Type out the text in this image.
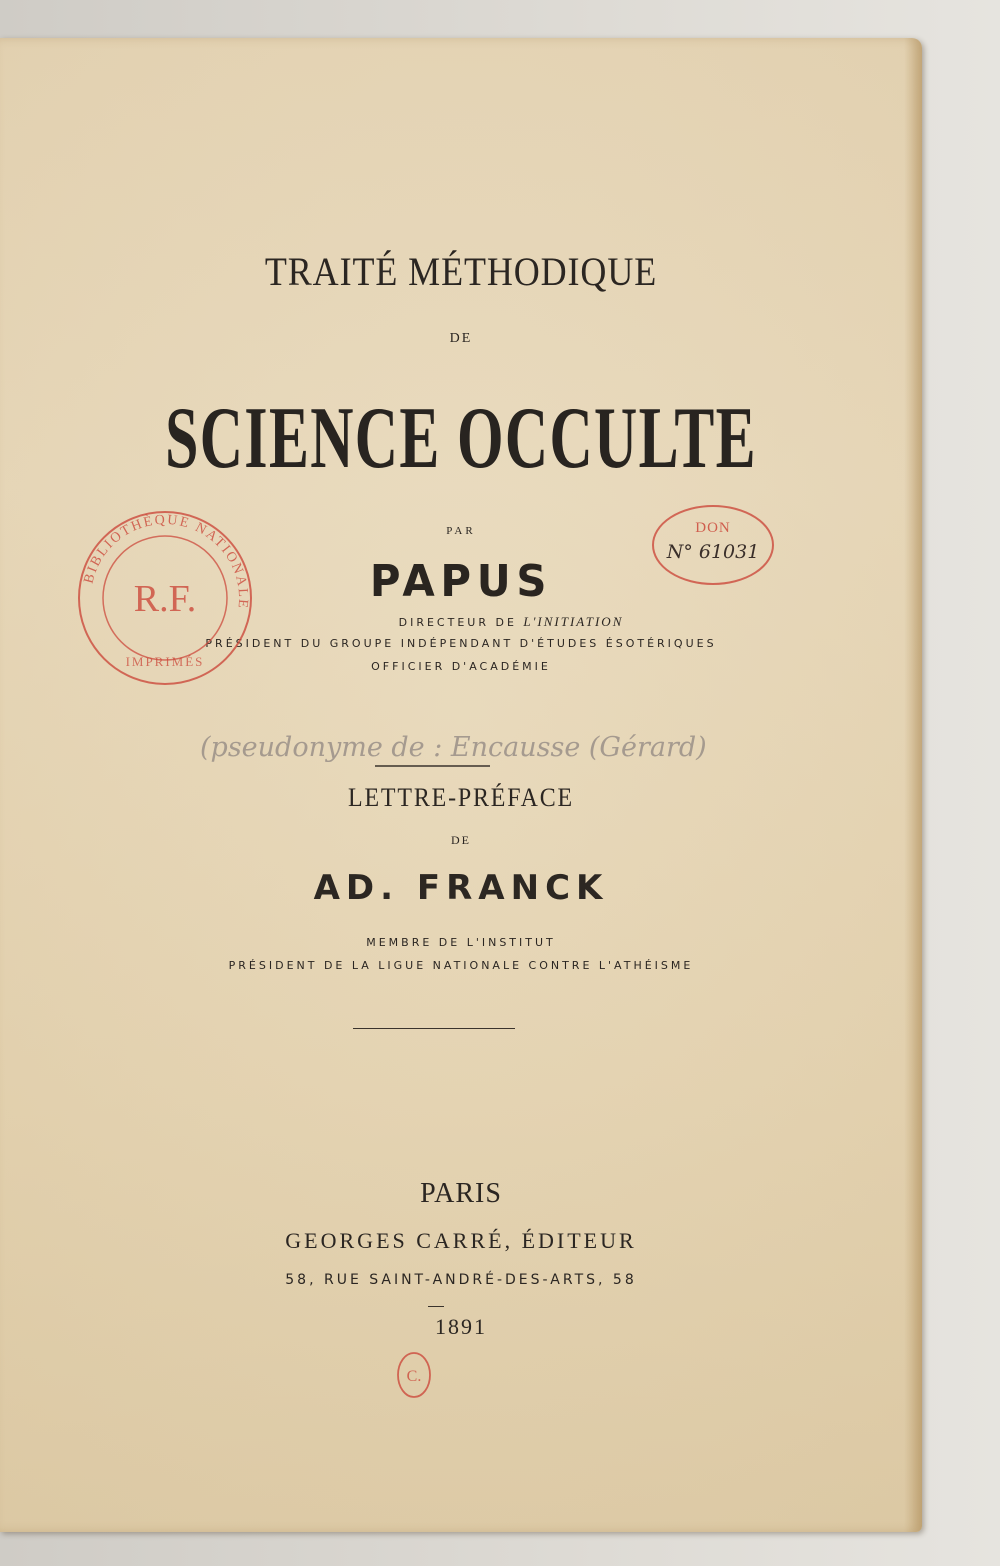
TRAITÉ MÉTHODIQUE

DE

SCIENCE OCCULTE

PAR

PAPUS

DIRECTEUR DE L'INITIATION

PRÉSIDENT DU GROUPE INDÉPENDANT D'ÉTUDES ÉSOTÉRIQUES

OFFICIER D'ACADÉMIE

(pseudonyme de : Encausse (Gérard)

LETTRE-PRÉFACE

DE

AD. FRANCK

MEMBRE DE L'INSTITUT

PRÉSIDENT DE LA LIGUE NATIONALE CONTRE L'ATHÉISME

PARIS

GEORGES CARRÉ, ÉDITEUR

58, RUE SAINT-ANDRÉ-DES-ARTS, 58

1891

BIBLIOTHÈQUE NATIONALE
R.F.
IMPRIMÉS
DON
N° 61031
C.
